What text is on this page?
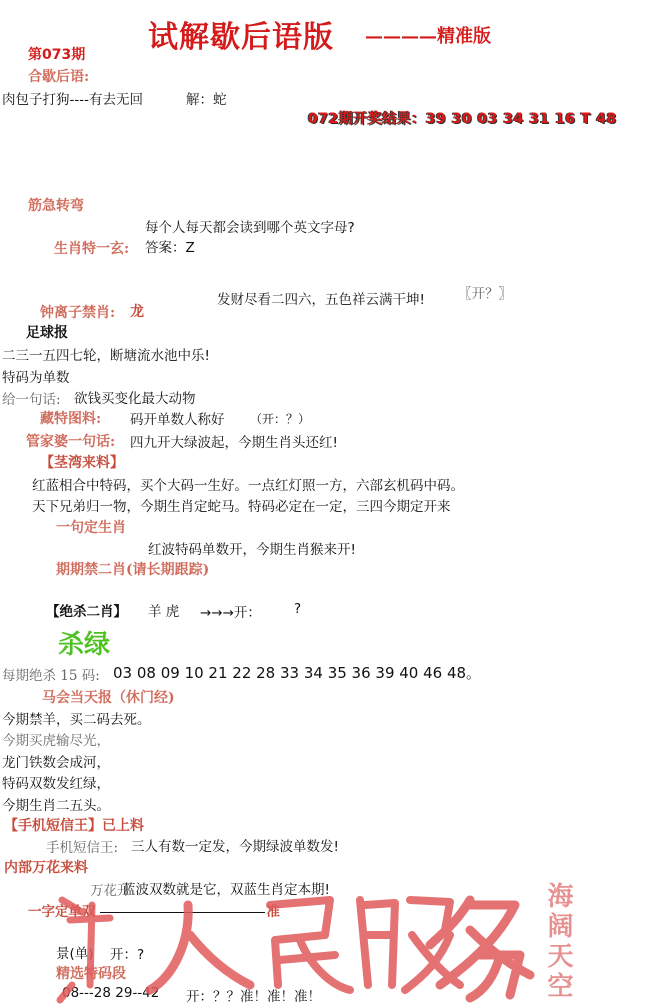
试解歇后语版 ————精准版
第073期
合歇后语:
肉包子打狗----有去无回	解：蛇
072期开奖结果：39 30 03 34 31 16 T 48
筋急转弯
每个人每天都会读到哪个英文字母?
答案：Z
生肖特一玄:
发财尽看二四六，五色祥云满干坤! 〖开？〗
钟离子禁肖: 龙
足球报
二三一五四七轮，断塘流水池中乐!
特码为单数
给一句话: 欲钱买变化最大动物
藏特图料: 码开单数人称好 （开：？）
管家婆一句话: 四九开大绿波起，今期生肖头还红!
【茎湾来料】
红蓝相合中特码，买个大码一生好。一点红灯照一方，六部玄机码中码。
天下兄弟归一物，今期生肖定蛇马。特码必定在一定，三四今期定开来
一句定生肖
红波特码单数开，今期生肖猴来开!
期期禁二肖(请长期跟踪)
【绝杀二肖】 羊 虎 →→→开： ?
杀绿
每期绝杀 15 码: 03 08 09 10 21 22 28 33 34 35 36 39 40 46 48。
马会当天报（休门经)
今期禁羊，买二码去死。
今期买虎输尽光，
龙门铁数会成河，
特码双数发红绿，
今期生肖二五头。
【手机短信王】已上料
手机短信王: 三人有数一定发，今期绿波单数发!
内部万花来料
万花开
蓝波双数就是它，双蓝生肖定本期!
一字定单双	准
景(单) 开：?
精选特码段
08---28 29--42 开：？？准！准！准！	海阔天空
